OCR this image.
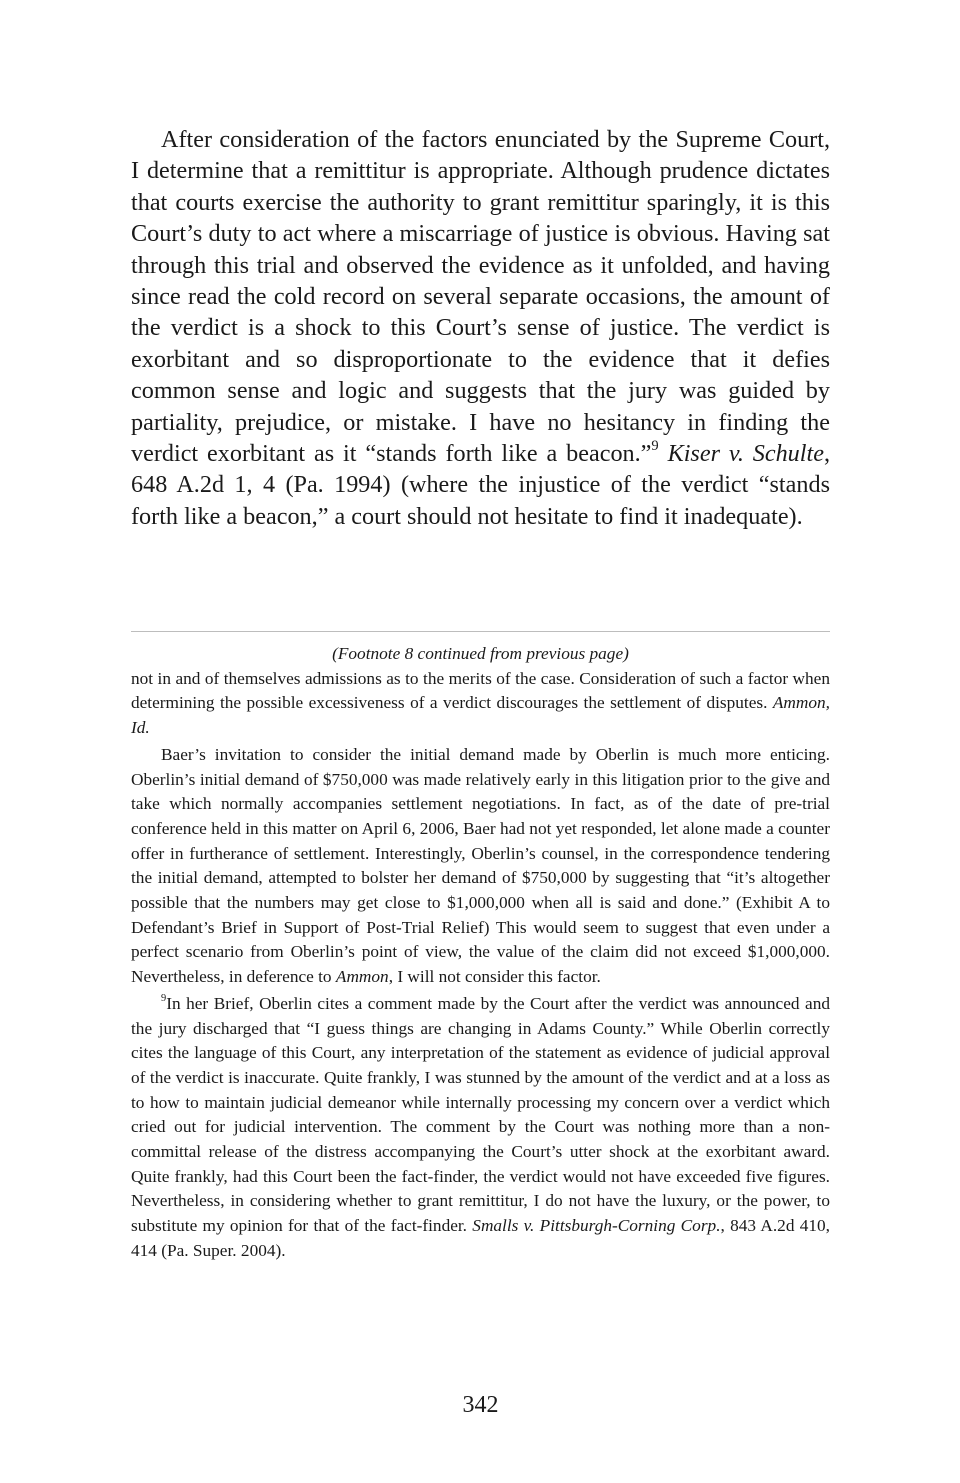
After consideration of the factors enunciated by the Supreme Court, I determine that a remittitur is appropriate. Although prudence dictates that courts exercise the authority to grant remittitur sparingly, it is this Court’s duty to act where a miscarriage of justice is obvious. Having sat through this trial and observed the evidence as it unfolded, and having since read the cold record on several separate occasions, the amount of the verdict is a shock to this Court’s sense of justice. The verdict is exorbitant and so disproportionate to the evidence that it defies common sense and logic and suggests that the jury was guided by partiality, prejudice, or mistake. I have no hesitancy in finding the verdict exorbitant as it “stands forth like a beacon.”$^9$ Kiser v. Schulte, 648 A.2d 1, 4 (Pa. 1994) (where the injustice of the verdict “stands forth like a beacon,” a court should not hesitate to find it inadequate).

(Footnote 8 continued from previous page)

not in and of themselves admissions as to the merits of the case. Consideration of such a factor when determining the possible excessiveness of a verdict discourages the settlement of disputes. Ammon, Id.

Baer’s invitation to consider the initial demand made by Oberlin is much more enticing. Oberlin’s initial demand of $750,000 was made relatively early in this litigation prior to the give and take which normally accompanies settlement negotiations. In fact, as of the date of pre-trial conference held in this matter on April 6, 2006, Baer had not yet responded, let alone made a counter offer in furtherance of settlement. Interestingly, Oberlin’s counsel, in the correspondence tendering the initial demand, attempted to bolster her demand of $750,000 by suggesting that “it’s altogether possible that the numbers may get close to $1,000,000 when all is said and done.” (Exhibit A to Defendant’s Brief in Support of Post-Trial Relief) This would seem to suggest that even under a perfect scenario from Oberlin’s point of view, the value of the claim did not exceed $1,000,000. Nevertheless, in deference to Ammon, I will not consider this factor.

$^9$In her Brief, Oberlin cites a comment made by the Court after the verdict was announced and the jury discharged that “I guess things are changing in Adams County.” While Oberlin correctly cites the language of this Court, any interpretation of the statement as evidence of judicial approval of the verdict is inaccurate. Quite frankly, I was stunned by the amount of the verdict and at a loss as to how to maintain judicial demeanor while internally processing my concern over a verdict which cried out for judicial intervention. The comment by the Court was nothing more than a non-committal release of the distress accompanying the Court’s utter shock at the exorbitant award. Quite frankly, had this Court been the fact-finder, the verdict would not have exceeded five figures. Nevertheless, in considering whether to grant remittitur, I do not have the luxury, or the power, to substitute my opinion for that of the fact-finder. Smalls v. Pittsburgh-Corning Corp., 843 A.2d 410, 414 (Pa. Super. 2004).

342
